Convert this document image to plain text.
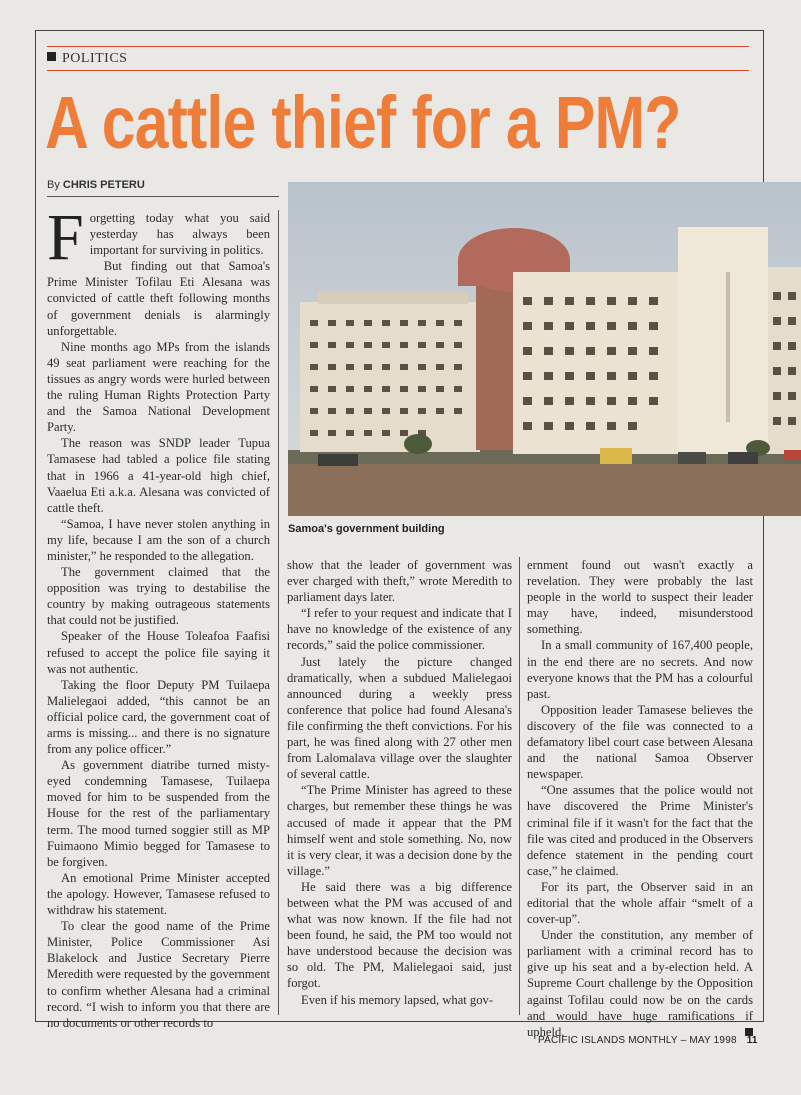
POLITICS
A cattle thief for a PM?
By CHRIS PETERU

Forgetting today what you said yesterday has always been important for surviving in politics.

But finding out that Samoa's Prime Minister Tofilau Eti Alesana was convicted of cattle theft following months of government denials is alarmingly unforgettable.

Nine months ago MPs from the islands 49 seat parliament were reaching for the tissues as angry words were hurled between the ruling Human Rights Protection Party and the Samoa National Development Party.

The reason was SNDP leader Tupua Tamasese had tabled a police file stating that in 1966 a 41-year-old high chief, Vaaelua Eti a.k.a. Alesana was convicted of cattle theft.

“Samoa, I have never stolen anything in my life, because I am the son of a church minister,” he responded to the allegation.

The government claimed that the opposition was trying to destabilise the country by making outrageous statements that could not be justified.

Speaker of the House Toleafoa Faafisi refused to accept the police file saying it was not authentic.

Taking the floor Deputy PM Tuilaepa Malielegaoi added, “this cannot be an official police card, the government coat of arms is missing... and there is no signature from any police officer.”

As government diatribe turned misty-eyed condemning Tamasese, Tuilaepa moved for him to be suspended from the House for the rest of the parliamentary term. The mood turned soggier still as MP Fuimaono Mimio begged for Tamasese to be forgiven.

An emotional Prime Minister accepted the apology. However, Tamasese refused to withdraw his statement.

To clear the good name of the Prime Minister, Police Commissioner Asi Blakelock and Justice Secretary Pierre Meredith were requested by the government to confirm whether Alesana had a criminal record. “I wish to inform you that there are no documents or other records to

Samoa's government building

show that the leader of government was ever charged with theft,” wrote Meredith to parliament days later.

“I refer to your request and indicate that I have no knowledge of the existence of any records,” said the police commissioner.

Just lately the picture changed dramatically, when a subdued Malielegaoi announced during a weekly press conference that police had found Alesana's file confirming the theft convictions. For his part, he was fined along with 27 other men from Lalomalava village over the slaughter of several cattle.

“The Prime Minister has agreed to these charges, but remember these things he was accused of made it appear that the PM himself went and stole something. No, now it is very clear, it was a decision done by the village.”

He said there was a big difference between what the PM was accused of and what was now known. If the file had not been found, he said, the PM too would not have understood because the decision was so old. The PM, Malielegaoi said, just forgot.

Even if his memory lapsed, what gov-

ernment found out wasn't exactly a revelation. They were probably the last people in the world to suspect their leader may have, indeed, misunderstood something.

In a small community of 167,400 people, in the end there are no secrets. And now everyone knows that the PM has a colourful past.

Opposition leader Tamasese believes the discovery of the file was connected to a defamatory libel court case between Alesana and the national Samoa Observer newspaper.

“One assumes that the police would not have discovered the Prime Minister's criminal file if it wasn't for the fact that the file was cited and produced in the Observers defence statement in the pending court case,” he claimed.

For its part, the Observer said in an editorial that the whole affair “smelt of a cover-up”.

Under the constitution, any member of parliament with a criminal record has to give up his seat and a by-election held. A Supreme Court challenge by the Opposition against Tofilau could now be on the cards and would have huge ramifications if upheld.

PACIFIC ISLANDS MONTHLY – MAY 1998 11
